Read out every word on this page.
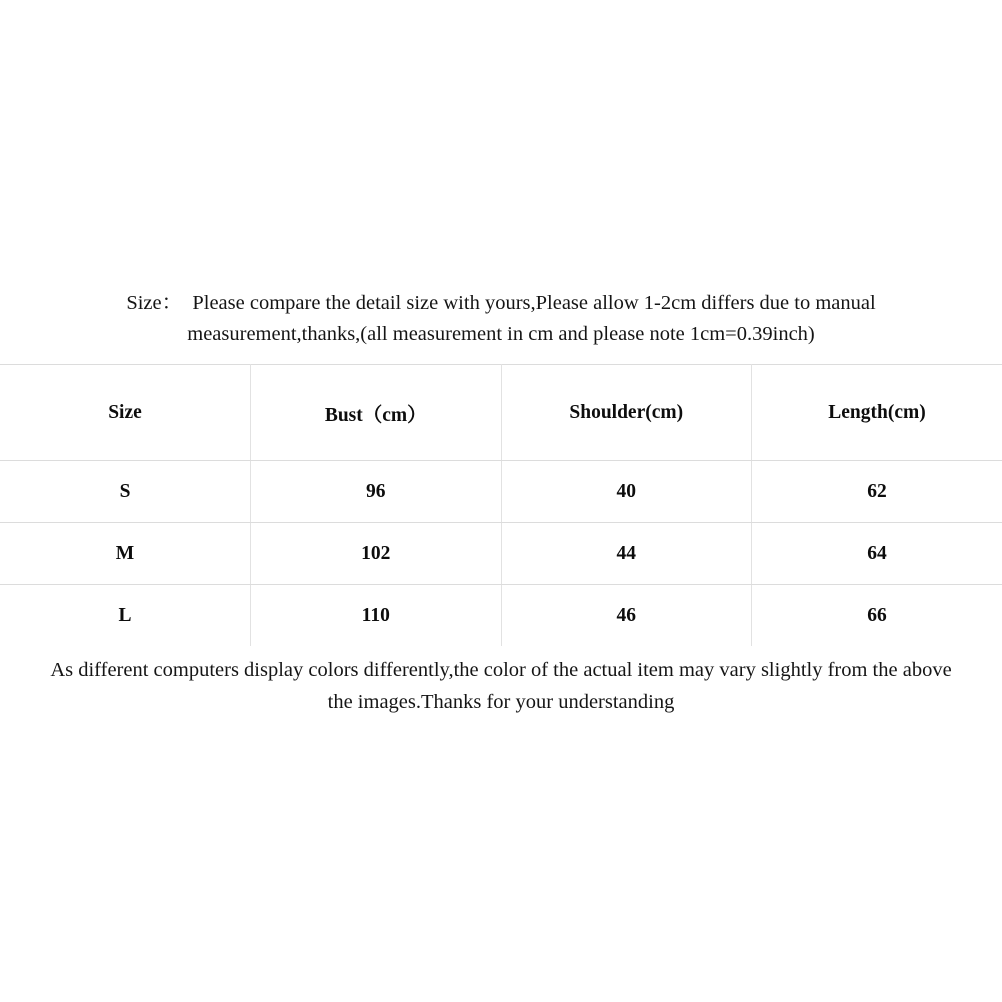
Size： Please compare the detail size with yours,Please allow 1-2cm differs due to manual
measurement,thanks,(all measurement in cm and please note 1cm=0.39inch)
Size	Bust（cm）	Shoulder(cm)	Length(cm)
S	96	40	62
M	102	44	64
L	110	46	66
As different computers display colors differently,the color of the actual item may vary slightly from the above
the images.Thanks for your understanding
